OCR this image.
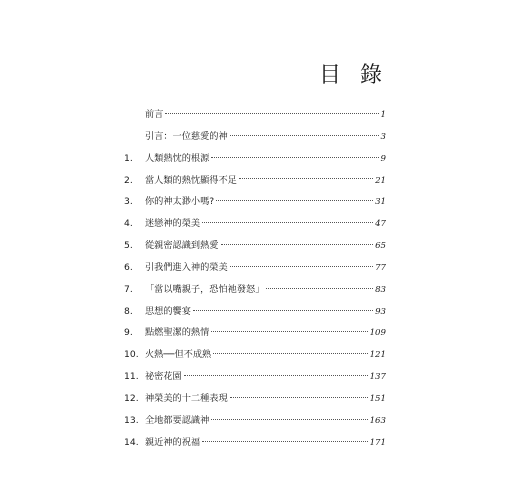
目 錄
前言	1
引言：一位慈愛的神	3
1.	人類熱忱的根源	9
2.	當人類的熱忱顯得不足	21
3.	你的神太渺小嗎?	31
4.	迷戀神的榮美	47
5.	從親密認識到熱愛	65
6.	引我們進入神的榮美	77
7.	「當以嘴親子，恐怕祂發怒」	83
8.	思想的饗宴	93
9.	點燃聖潔的熱情	109
10. 火熱──但不成熟	121
11. 祕密花園	137
12. 神榮美的十二種表現	151
13. 全地都要認識神	163
14. 親近神的祝福	171
